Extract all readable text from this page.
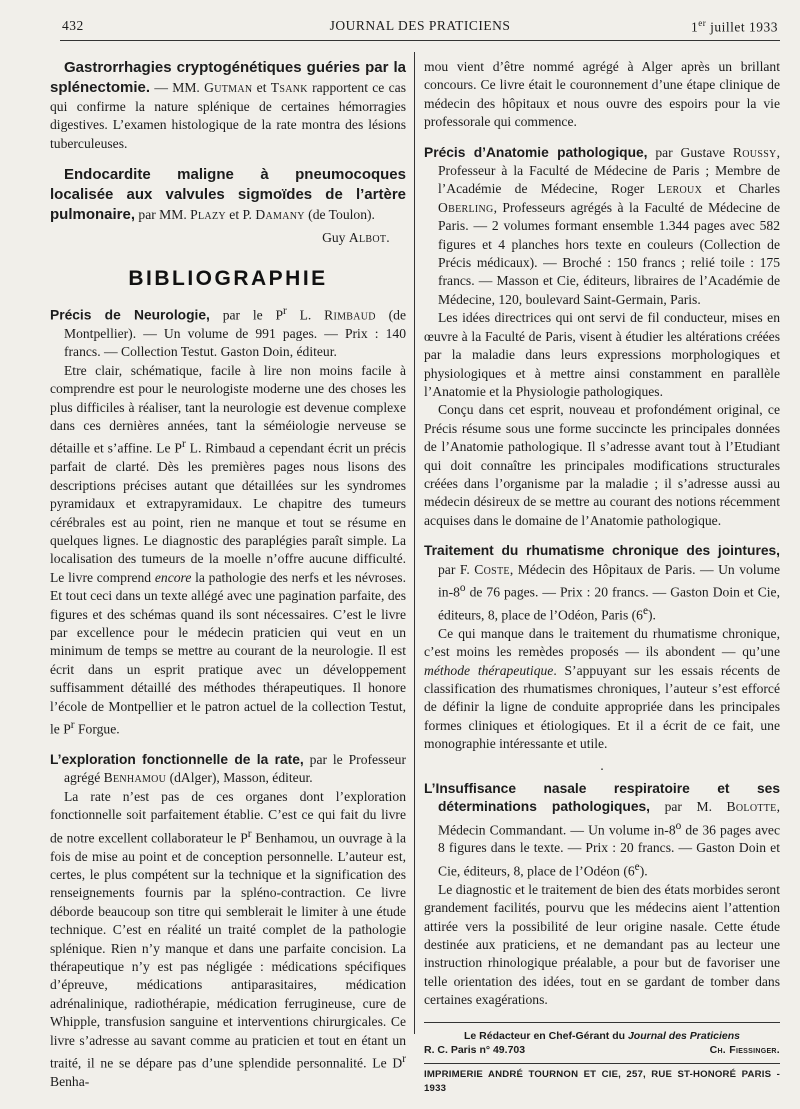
432	JOURNAL DES PRATICIENS	1er juillet 1933

Gastrorrhagies cryptogénétiques guéries par la splénectomie. — MM. Gutman et Tsank rapportent ce cas qui confirme la nature splénique de certaines hémorragies digestives. L’examen histologique de la rate montra des lésions tuberculeuses.

Endocardite maligne à pneumocoques localisée aux valvules sigmoïdes de l’artère pulmonaire, par MM. Plazy et P. Damany (de Toulon).

Guy Albot.
BIBLIOGRAPHIE

Précis de Neurologie, par le $P^r$ L. Rimbaud (de Montpellier). — Un volume de 991 pages. — Prix : 140 francs. — Collection Testut. Gaston Doin, éditeur.

Etre clair, schématique, facile à lire non moins facile à comprendre est pour le neurologiste moderne une des choses les plus difficiles à réaliser, tant la neurologie est devenue complexe dans ces dernières années, tant la séméiologie nerveuse se détaille et s’affine. Le $P^r$ L. Rimbaud a cependant écrit un précis parfait de clarté. Dès les premières pages nous lisons des descriptions précises autant que détaillées sur les syndromes pyramidaux et extrapyramidaux. Le chapitre des tumeurs cérébrales est au point, rien ne manque et tout se résume en quelques lignes. Le diagnostic des paraplégies paraît simple. La localisation des tumeurs de la moelle n’offre aucune difficulté. Le livre comprend encore la pathologie des nerfs et les névroses. Et tout ceci dans un texte allégé avec une pagination parfaite, des figures et des schémas quand ils sont nécessaires. C’est le livre par excellence pour le médecin praticien qui veut en un minimum de temps se mettre au courant de la neurologie. Il est écrit dans un esprit pratique avec un développement suffisamment détaillé des méthodes thérapeutiques. Il honore l’école de Montpellier et le patron actuel de la collection Testut, le $P^r$ Forgue.

L’exploration fonctionnelle de la rate, par le Professeur agrégé Benhamou (dAlger), Masson, éditeur.

La rate n’est pas de ces organes dont l’exploration fonctionnelle soit parfaitement établie. C’est ce qui fait du livre de notre excellent collaborateur le $P^r$ Benhamou, un ouvrage à la fois de mise au point et de conception personnelle. L’auteur est, certes, le plus compétent sur la technique et la signification des renseignements fournis par la spléno-contraction. Ce livre déborde beaucoup son titre qui semblerait le limiter à une étude technique. C’est en réalité un traité complet de la pathologie splénique. Rien n’y manque et dans une parfaite concision. La thérapeutique n’y est pas négligée : médications spécifiques d’épreuve, médications antiparasitaires, médication adrénalinique, radiothérapie, médication ferrugineuse, cure de Whipple, transfusion sanguine et interventions chirurgicales. Ce livre s’adresse au savant comme au praticien et tout en étant un traité, il ne se dépare pas d’une splendide personnalité. Le $D^r$ Benha-

mou vient d’être nommé agrégé à Alger après un brillant concours. Ce livre était le couronnement d’une étape clinique de médecin des hôpitaux et nous ouvre des espoirs pour la vie professorale qui commence.

Précis d’Anatomie pathologique, par Gustave Roussy, Professeur à la Faculté de Médecine de Paris ; Membre de l’Académie de Médecine, Roger Leroux et Charles Oberling, Professeurs agrégés à la Faculté de Médecine de Paris. — 2 volumes formant ensemble 1.344 pages avec 582 figures et 4 planches hors texte en couleurs (Collection de Précis médicaux). — Broché : 150 francs ; relié toile : 175 francs. — Masson et Cie, éditeurs, libraires de l’Académie de Médecine, 120, boulevard Saint-Germain, Paris.

Les idées directrices qui ont servi de fil conducteur, mises en œuvre à la Faculté de Paris, visent à étudier les altérations créées par la maladie dans leurs expressions morphologiques et physiologiques et à mettre ainsi constamment en parallèle l’Anatomie et la Physiologie pathologiques.

Conçu dans cet esprit, nouveau et profondément original, ce Précis résume sous une forme succincte les principales données de l’Anatomie pathologique. Il s’adresse avant tout à l’Etudiant qui doit connaître les principales modifications structurales créées dans l’organisme par la maladie ; il s’adresse aussi au médecin désireux de se mettre au courant des notions récemment acquises dans le domaine de l’Anatomie pathologique.

Traitement du rhumatisme chronique des jointures, par F. Coste, Médecin des Hôpitaux de Paris. — Un volume in-8$^o$ de 76 pages. — Prix : 20 francs. — Gaston Doin et Cie, éditeurs, 8, place de l’Odéon, Paris (6e).

Ce qui manque dans le traitement du rhumatisme chronique, c’est moins les remèdes proposés — ils abondent — qu’une méthode thérapeutique. S’appuyant sur les essais récents de classification des rhumatismes chroniques, l’auteur s’est efforcé de définir la ligne de conduite appropriée dans les principales formes cliniques et étiologiques. Et il a écrit de ce fait, une monographie intéressante et utile.

·

L’Insuffisance nasale respiratoire et ses déterminations pathologiques, par M. Bolotte, Médecin Commandant. — Un volume in-8$^o$ de 36 pages avec 8 figures dans le texte. — Prix : 20 francs. — Gaston Doin et Cie, éditeurs, 8, place de l’Odéon (6e).

Le diagnostic et le traitement de bien des états morbides seront grandement facilités, pourvu que les médecins aient l’attention attirée vers la possibilité de leur origine nasale. Cette étude destinée aux praticiens, et ne demandant pas au lecteur une instruction rhinologique préalable, a pour but de favoriser une telle orientation des idées, tout en se gardant de tomber dans certaines exagérations.

Le Rédacteur en Chef-Gérant du Journal des Praticiens
R. C. Paris n° 49.703	Ch. Fiessinger.
IMPRIMERIE ANDRÉ TOURNON ET CIE, 257, RUE ST-HONORÉ PARIS - 1933
